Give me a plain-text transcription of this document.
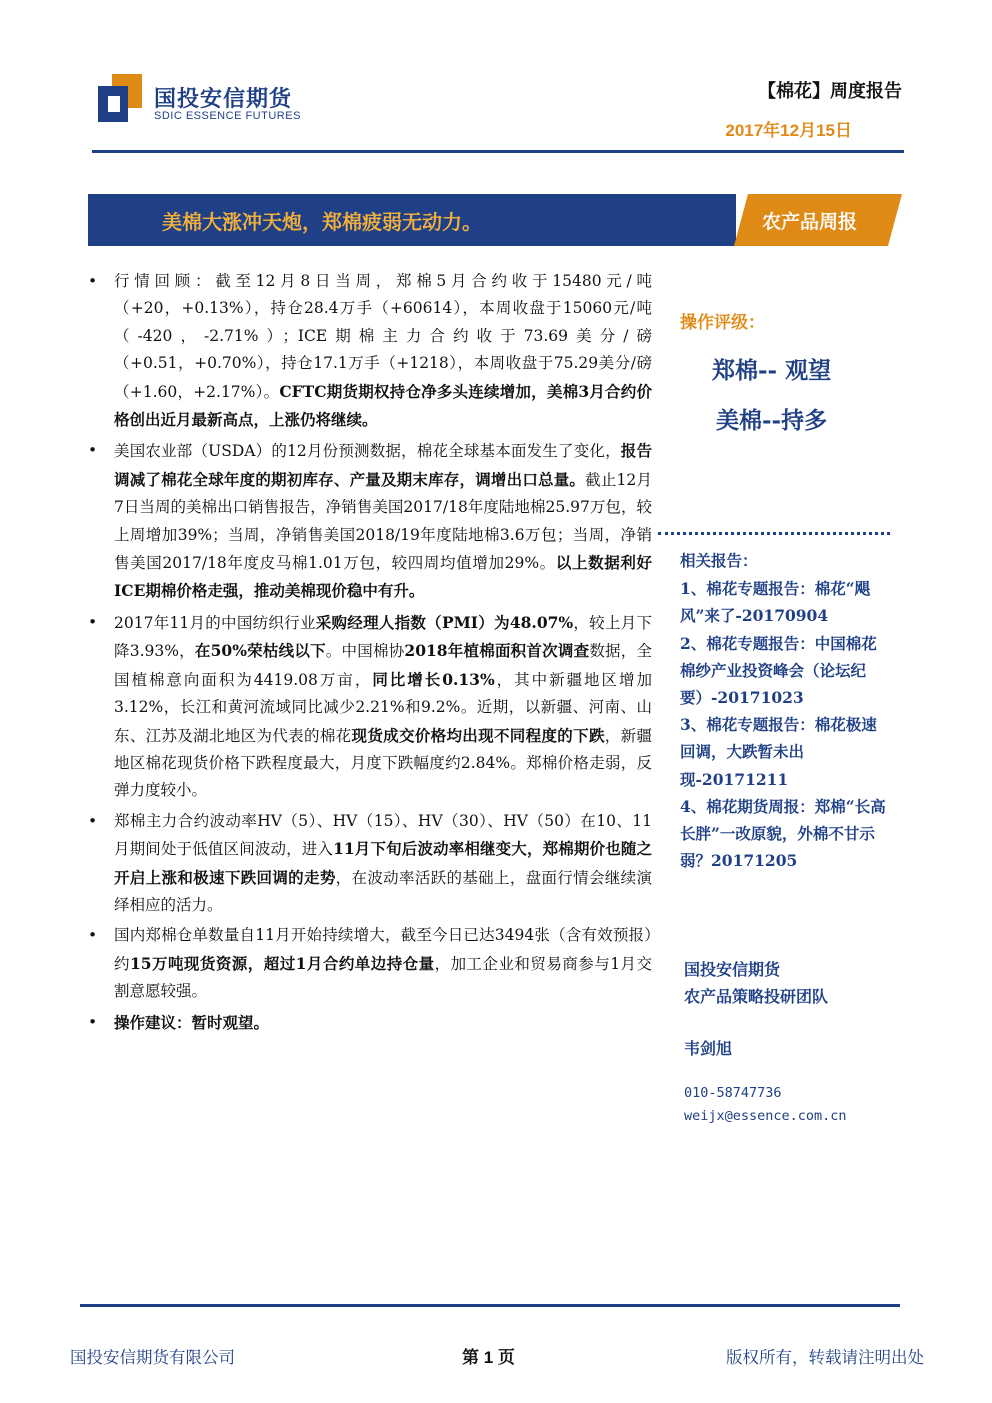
国投安信期货
SDIC ESSENCE FUTURES
【棉花】周度报告
2017年12月15日
美棉大涨冲天炮，郑棉疲弱无动力。	农产品周报
• 行情回顾：截至12月8日当周，郑棉5月合约收于15480元/吨（+20，+0.13%），持仓28.4万手（+60614），本周收盘于15060元/吨（-420，-2.71%）；ICE期棉主力合约收于73.69美分/磅（+0.51，+0.70%），持仓17.1万手（+1218），本周收盘于75.29美分/磅（+1.60，+2.17%）。CFTC期货期权持仓净多头连续增加，美棉3月合约价格创出近月最新高点，上涨仍将继续。
• 美国农业部（USDA）的12月份预测数据，棉花全球基本面发生了变化，报告调减了棉花全球年度的期初库存、产量及期末库存，调增出口总量。截止12月7日当周的美棉出口销售报告，净销售美国2017/18年度陆地棉25.97万包，较上周增加39%；当周，净销售美国2018/19年度陆地棉3.6万包；当周，净销售美国2017/18年度皮马棉1.01万包，较四周均值增加29%。以上数据利好ICE期棉价格走强，推动美棉现价稳中有升。
• 2017年11月的中国纺织行业采购经理人指数（PMI）为48.07%，较上月下降3.93%，在50%荣枯线以下。中国棉协2018年植棉面积首次调查数据，全国植棉意向面积为4419.08万亩，同比增长0.13%，其中新疆地区增加3.12%，长江和黄河流域同比减少2.21%和9.2%。近期，以新疆、河南、山东、江苏及湖北地区为代表的棉花现货成交价格均出现不同程度的下跌，新疆地区棉花现货价格下跌程度最大，月度下跌幅度约2.84%。郑棉价格走弱，反弹力度较小。
• 郑棉主力合约波动率HV（5）、HV（15）、HV（30）、HV（50）在10、11月期间处于低值区间波动，进入11月下旬后波动率相继变大，郑棉期价也随之开启上涨和极速下跌回调的走势，在波动率活跃的基础上，盘面行情会继续演绎相应的活力。
• 国内郑棉仓单数量自11月开始持续增大，截至今日已达3494张（含有效预报）约15万吨现货资源，超过1月合约单边持仓量，加工企业和贸易商参与1月交割意愿较强。
• 操作建议：暂时观望。
操作评级：
郑棉-- 观望
美棉--持多
相关报告：
1、棉花专题报告：棉花“飓风”来了-20170904
2、棉花专题报告：中国棉花棉纱产业投资峰会（论坛纪要）-20171023
3、棉花专题报告：棉花极速回调，大跌暂未出现-20171211
4、棉花期货周报：郑棉“长高长胖”一改原貌，外棉不甘示弱？20171205
国投安信期货
农产品策略投研团队
韦剑旭
010-58747736
weijx@essence.com.cn
国投安信期货有限公司	第 1 页	版权所有，转载请注明出处
